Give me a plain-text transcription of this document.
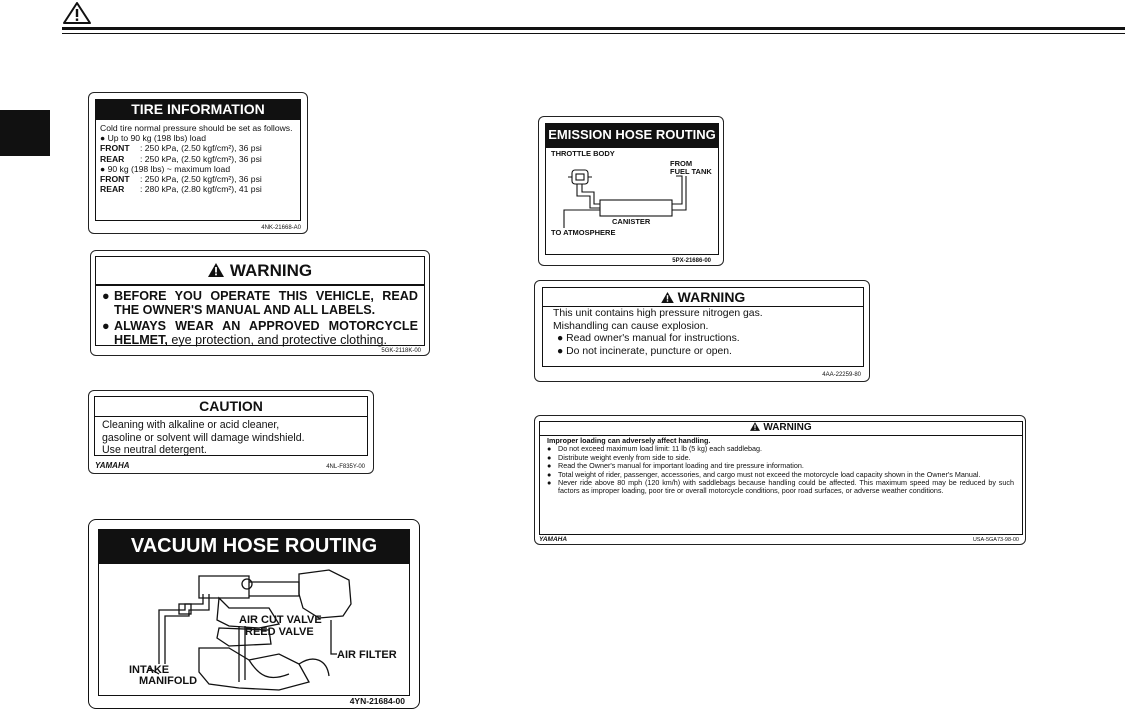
TIRE INFORMATION
Cold tire normal pressure should be set as follows.
● Up to 90 kg (198 lbs) load
FRONT	: 250 kPa, (2.50 kgf/cm²), 36 psi
REAR	: 250 kPa, (2.50 kgf/cm²), 36 psi
● 90 kg (198 lbs) ~ maximum load
FRONT	: 250 kPa, (2.50 kgf/cm²), 36 psi
REAR	: 280 kPa, (2.80 kgf/cm²), 41 psi
4NK-21668-A0
WARNING
● BEFORE YOU OPERATE THIS VEHICLE, READ THE OWNER'S MANUAL AND ALL LABELS.
● ALWAYS WEAR AN APPROVED MOTORCYCLE HELMET, eye protection, and protective clothing.
5GK-2118K-00
CAUTION
Cleaning with alkaline or acid cleaner,
gasoline or solvent will damage windshield.
Use neutral detergent.
YAMAHA	4NL-F835Y-00
VACUUM HOSE ROUTING
AIR CUT VALVE
REED VALVE
AIR FILTER
INTAKE
MANIFOLD
4YN-21684-00
EMISSION HOSE ROUTING
THROTTLE BODY
FROM
FUEL TANK
CANISTER
TO ATMOSPHERE
5PX-21686-00
WARNING
This unit contains high pressure nitrogen gas.
Mishandling can cause explosion.
● Read owner's manual for instructions.
● Do not incinerate, puncture or open.
4AA-22259-80
WARNING
Improper loading can adversely affect handling.
● Do not exceed maximum load limit: 11 lb (5 kg) each saddlebag.
● Distribute weight evenly from side to side.
● Read the Owner's manual for important loading and tire pressure information.
● Total weight of rider, passenger, accessories, and cargo must not exceed the motorcycle load capacity shown in the Owner's Manual.
● Never ride above 80 mph (120 km/h) with saddlebags because handling could be affected. This maximum speed may be reduced by such factors as improper loading, poor tire or overall motorcycle conditions, poor road surfaces, or adverse weather conditions.
YAMAHA	USA-5GA73-98-00
